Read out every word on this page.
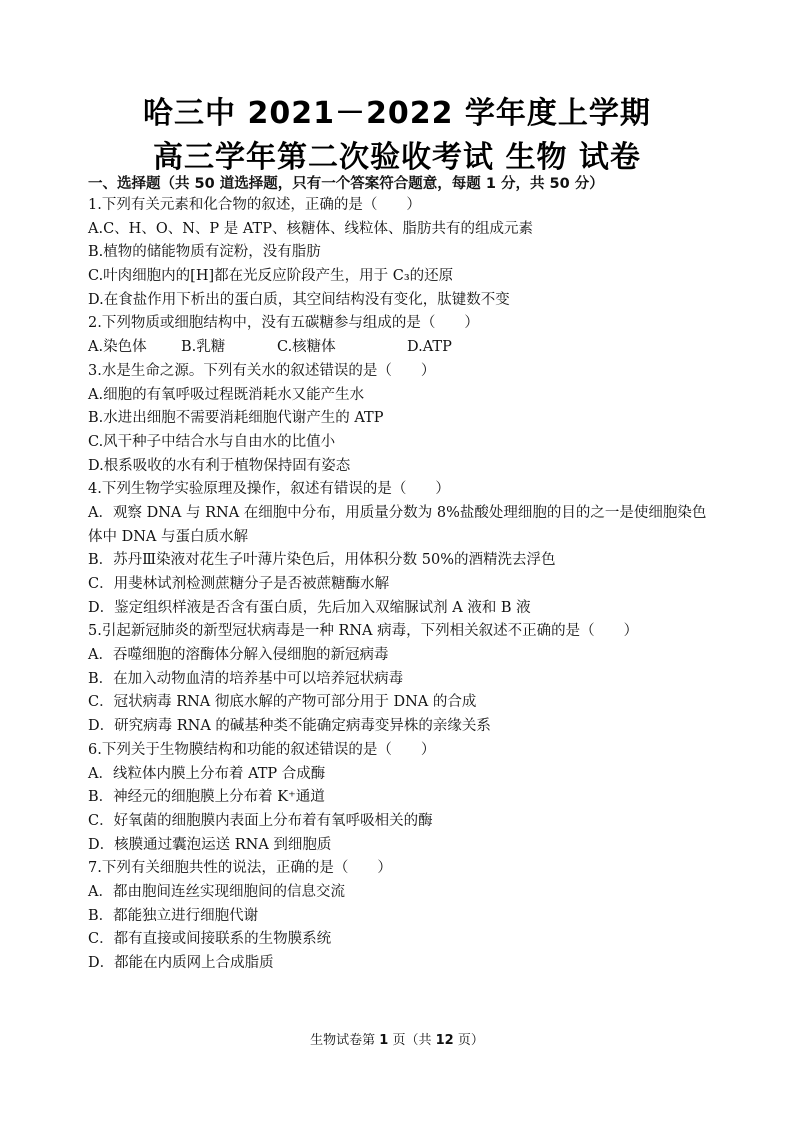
哈三中 2021－2022 学年度上学期
高三学年第二次验收考试 生物 试卷
一、选择题（共 50 道选择题，只有一个答案符合题意，每题 1 分，共 50 分）
1.下列有关元素和化合物的叙述，正确的是（　　）
A.C、H、O、N、P 是 ATP、核糖体、线粒体、脂肪共有的组成元素
B.植物的储能物质有淀粉，没有脂肪
C.叶肉细胞内的[H]都在光反应阶段产生，用于 C₃的还原
D.在食盐作用下析出的蛋白质，其空间结构没有变化，肽键数不变
2.下列物质或细胞结构中，没有五碳糖参与组成的是（　　）
A.染色体	B.乳糖	C.核糖体	D.ATP
3.水是生命之源。下列有关水的叙述错误的是（　　）
A.细胞的有氧呼吸过程既消耗水又能产生水
B.水进出细胞不需要消耗细胞代谢产生的 ATP
C.风干种子中结合水与自由水的比值小
D.根系吸收的水有利于植物保持固有姿态
4.下列生物学实验原理及操作，叙述有错误的是（　　）
A．观察 DNA 与 RNA 在细胞中分布，用质量分数为 8%盐酸处理细胞的目的之一是使细胞染色体中 DNA 与蛋白质水解
B．苏丹Ⅲ染液对花生子叶薄片染色后，用体积分数 50%的酒精洗去浮色
C．用斐林试剂检测蔗糖分子是否被蔗糖酶水解
D．鉴定组织样液是否含有蛋白质，先后加入双缩脲试剂 A 液和 B 液
5.引起新冠肺炎的新型冠状病毒是一种 RNA 病毒，下列相关叙述不正确的是（　　）
A．吞噬细胞的溶酶体分解入侵细胞的新冠病毒
B．在加入动物血清的培养基中可以培养冠状病毒
C．冠状病毒 RNA 彻底水解的产物可部分用于 DNA 的合成
D．研究病毒 RNA 的碱基种类不能确定病毒变异株的亲缘关系
6.下列关于生物膜结构和功能的叙述错误的是（　　）
A．线粒体内膜上分布着 ATP 合成酶
B．神经元的细胞膜上分布着 K⁺通道
C．好氧菌的细胞膜内表面上分布着有氧呼吸相关的酶
D．核膜通过囊泡运送 RNA 到细胞质
7.下列有关细胞共性的说法，正确的是（　　）
A．都由胞间连丝实现细胞间的信息交流
B．都能独立进行细胞代谢
C．都有直接或间接联系的生物膜系统
D．都能在内质网上合成脂质
生物试卷第 1 页（共 12 页）
